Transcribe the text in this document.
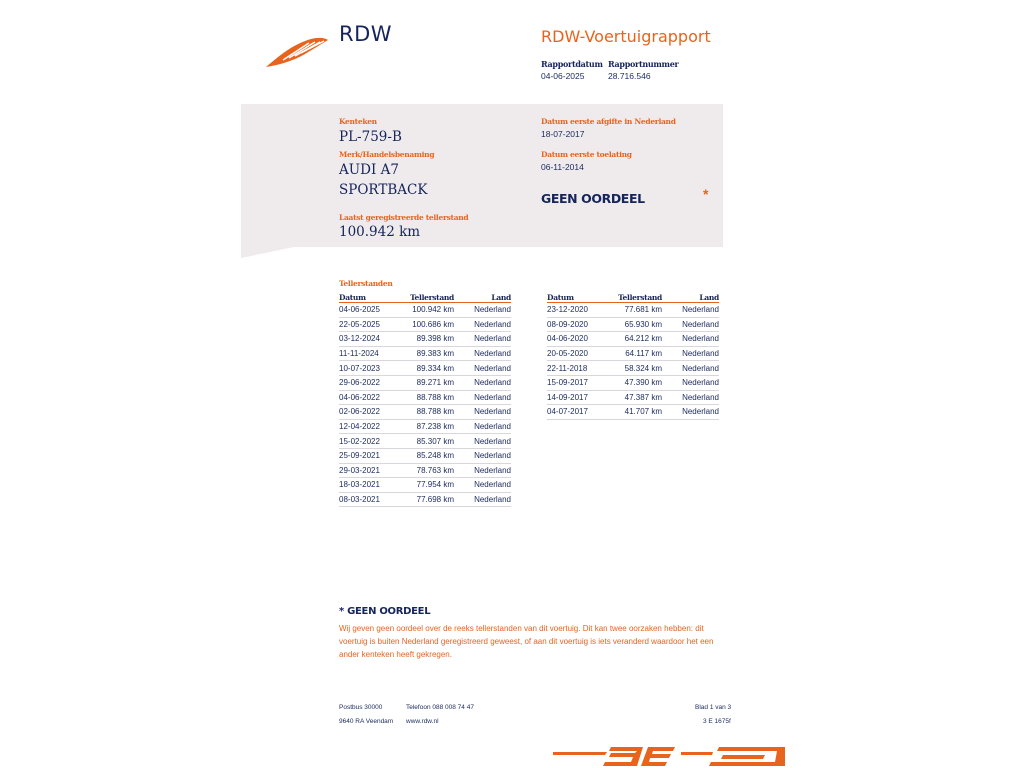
RDW	RDW-Voertuigrapport
Rapportdatum
04-06-2025
Rapportnummer
28.716.546
Kenteken
PL-759-B
Merk/Handelsbenaming
AUDI A7
SPORTBACK
Laatst geregistreerde tellerstand
100.942 km
Datum eerste afgifte in Nederland
18-07-2017
Datum eerste toelating
06-11-2014
GEEN OORDEEL	*
Tellerstanden
Datum	Tellerstand	Land
04-06-2025	100.942 km	Nederland
22-05-2025	100.686 km	Nederland
03-12-2024	89.398 km	Nederland
11-11-2024	89.383 km	Nederland
10-07-2023	89.334 km	Nederland
29-06-2022	89.271 km	Nederland
04-06-2022	88.788 km	Nederland
02-06-2022	88.788 km	Nederland
12-04-2022	87.238 km	Nederland
15-02-2022	85.307 km	Nederland
25-09-2021	85.248 km	Nederland
29-03-2021	78.763 km	Nederland
18-03-2021	77.954 km	Nederland
08-03-2021	77.698 km	Nederland
Datum	Tellerstand	Land
23-12-2020	77.681 km	Nederland
08-09-2020	65.930 km	Nederland
04-06-2020	64.212 km	Nederland
20-05-2020	64.117 km	Nederland
22-11-2018	58.324 km	Nederland
15-09-2017	47.390 km	Nederland
14-09-2017	47.387 km	Nederland
04-07-2017	41.707 km	Nederland
* GEEN OORDEEL
Wij geven geen oordeel over de reeks tellerstanden van dit voertuig. Dit kan twee oorzaken hebben: dit voertuig is buiten Nederland geregistreerd geweest, of aan dit voertuig is iets veranderd waardoor het een ander kenteken heeft gekregen.
Postbus 30000
9640 RA Veendam
Telefoon 088 008 74 47
www.rdw.nl
Blad 1 van 3
3 E 1675f
